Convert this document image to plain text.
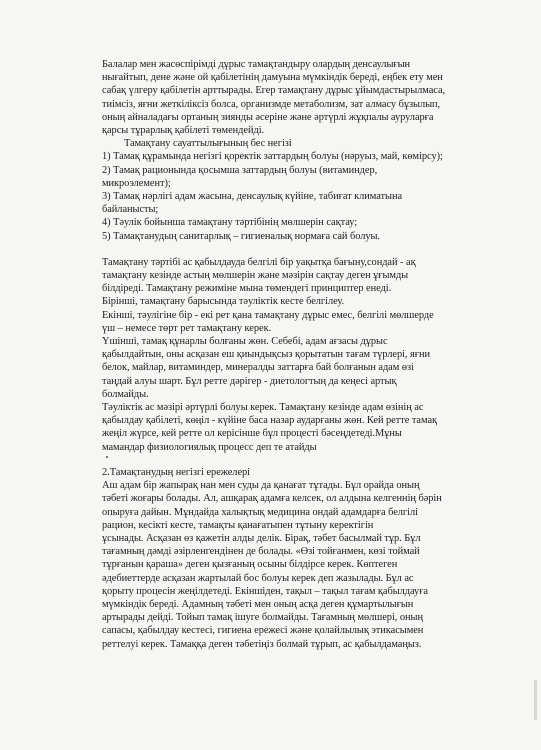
Балалар мен жасөспірімді дұрыс тамақтандыру олардың денсаулығын
нығайтып, дене және ой қабілетінің дамуына мүмкіндік береді, еңбек ету мен
сабақ үлгеру қабілетін арттырады. Егер тамақтану дұрыс ұйымдастырылмаса,
тиімсіз, яғни жеткіліксіз болса, организмде метаболизм, зат алмасу бұзылып,
оның айналадағы ортаның зиянды әсеріне және әртүрлі жұқпалы ауруларға
қарсы тұрарлық қабілеті төмендейді.
Тамақтану сауаттылығының бес негізі
1) Тамақ құрамында негізгі қоректік заттардың болуы (нәруыз, май, көмірсу);
2) Тамақ рационында қосымша заттардың болуы (витаминдер,
микроэлемент);
3) Тамақ нәрлігі адам жасына, денсаулық күйіне, табиғат климатына
байланысты;
4) Тәулік бойынша тамақтану тәртібінің мөлшерін сақтау;
5) Тамақтанудың санитарлық – гигиеналық нормаға сай болуы.
Тамақтану тәртібі ас қабылдауда белгілі бір уақытқа бағыну,сондай - ақ
тамақтану кезінде астың мөлшерін және мәзірін сақтау деген ұғымды
білдіреді. Тамақтану режиміне мына төмендегі принциптер енеді.
Біріншi, тамақтану барысында тәуліктік кесте белгілеу.
Екінші, тәулігіне бір - екі рет қана тамақтану дұрыс емес, белгілі мөлшерде
үш – немесе төрт рет тамақтану керек.
Үшінші, тамақ құнарлы болғаны жөн. Себебі, адам ағзасы дұрыс
қабылдайтын, оны асқазан еш қиындықсыз қорытатын тағам түрлері, яғни
белок, майлар, витаминдер, минералды заттарға бай болғанын адам өзі
таңдай алуы шарт. Бұл ретте дәрігер - диетологтың да кеңесі артық
болмайды.
Тәуліктік ас мәзірі әртүрлі болуы керек. Тамақтану кезінде адам өзінің ас
қабылдау қабілеті, көңіл - күйіне баса назар аударғаны жөн. Кей ретте тамақ
жеңіл жүрсе, кей ретте ол керісінше бұл процесті бәсеңдетеді.Мұны
мамандар физиологиялық процесс деп те атайды
2.Тамақтанудың негізгі ережелері
Аш адам бір жапырақ нан мен суды да қанағат тұтады. Бұл орайда оның
тәбеті жоғары болады. Ал, ашқарақ адамға келсек, ол алдына келгеннің бәрін
опыруға дайын. Мұндайда халықтық медицина ондай адамдарға белгілі
рацион, кесікті кесте, тамақты қанағатыпен тұтыну керектігін
ұсынады. Асқазан өз қажетін алды делік. Бірақ, тәбет басылмай тұр. Бұл
тағамның дәмді әзірленгендінен де болады. «Өзі тойғанмен, көзі тоймай
тұрғанын қараша» деген қызғаның осыны білдірсе керек. Көптеген
әдебиеттерде асқазан жартылай бос болуы керек деп жазылады. Бұл ас
қорыту процесін жеңілдетеді. Екіншіден, тақыл – тақыл тағам қабылдауға
мүмкіндік береді. Адамның тәбеті мен оның асқа деген құмартылығын
артырады дейді. Тойып тамақ ішуге болмайды. Тағамның мөлшері, оның
сапасы, қабылдау кестесі, гигиена ережесі және қолайлылық этикасымен
реттелуі керек. Тамаққа деген тәбетіңіз болмай тұрып, ас қабылдамаңыз.
